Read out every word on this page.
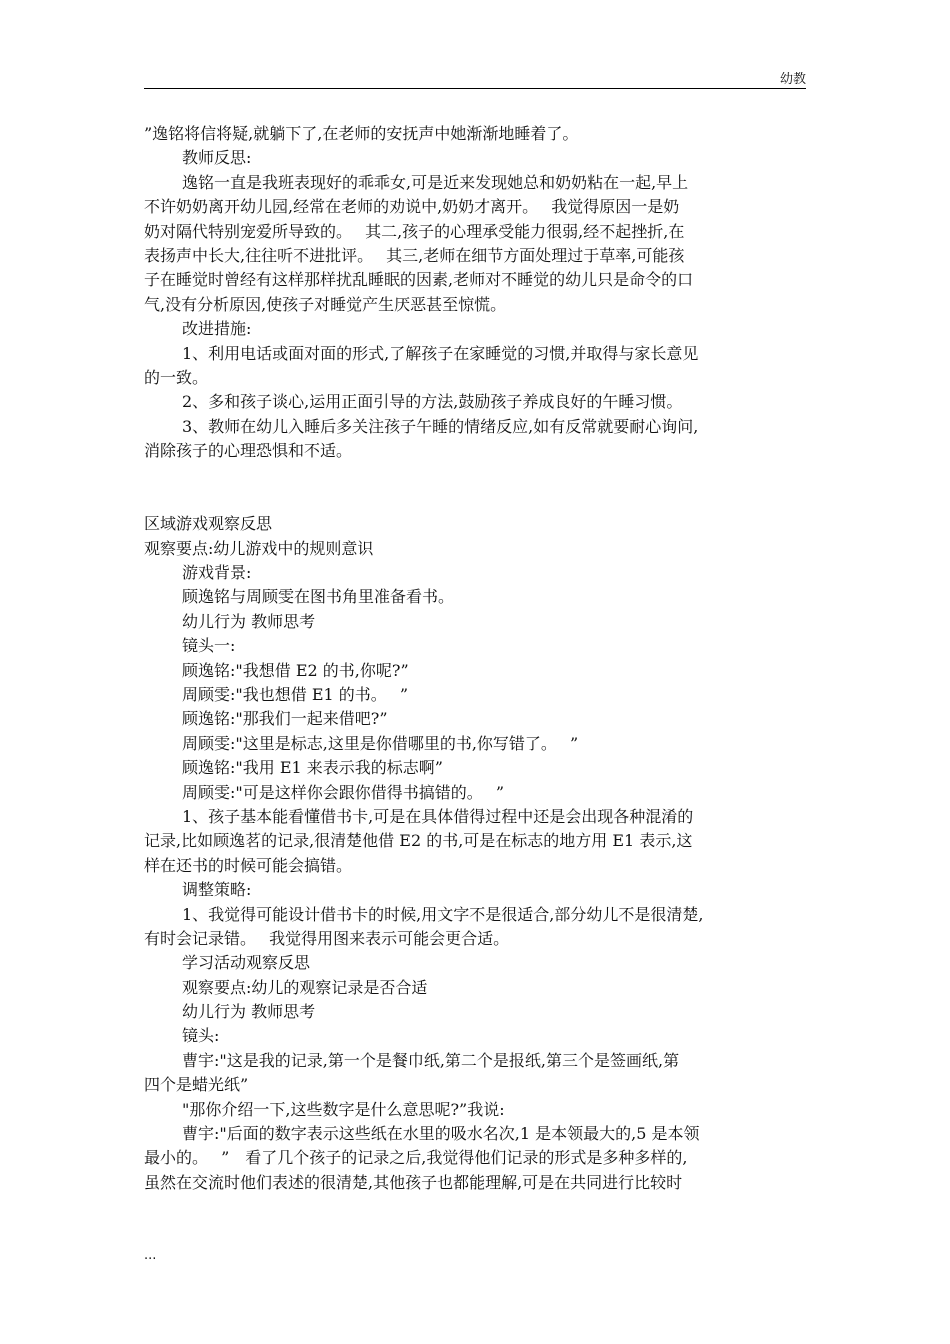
幼教
”逸铭将信将疑,就躺下了,在老师的安抚声中她渐渐地睡着了。
教师反思:
逸铭一直是我班表现好的乖乖女,可是近来发现她总和奶奶粘在一起,早上
不许奶奶离开幼儿园,经常在老师的劝说中,奶奶才离开。　 我觉得原因一是奶
奶对隔代特别宠爱所导致的。　 其二,孩子的心理承受能力很弱,经不起挫折,在
表扬声中长大,往往听不进批评。　 其三,老师在细节方面处理过于草率,可能孩
子在睡觉时曾经有这样那样扰乱睡眠的因素,老师对不睡觉的幼儿只是命令的口
气,没有分析原因,使孩子对睡觉产生厌恶甚至惊慌。
改进措施:
1、利用电话或面对面的形式,了解孩子在家睡觉的习惯,并取得与家长意见
的一致。
2、多和孩子谈心,运用正面引导的方法,鼓励孩子养成良好的午睡习惯。
3、教师在幼儿入睡后多关注孩子午睡的情绪反应,如有反常就要耐心询问,
消除孩子的心理恐惧和不适。
区域游戏观察反思
观察要点:幼儿游戏中的规则意识
游戏背景:
顾逸铭与周顾雯在图书角里准备看书。
幼儿行为 教师思考
镜头一:
顾逸铭:"我想借 E2 的书,你呢?”
周顾雯:"我也想借 E1 的书。　 ”
顾逸铭:"那我们一起来借吧?”
周顾雯:"这里是标志,这里是你借哪里的书,你写错了。　 ”
顾逸铭:"我用 E1 来表示我的标志啊”
周顾雯:"可是这样你会跟你借得书搞错的。　 ”
1、孩子基本能看懂借书卡,可是在具体借得过程中还是会出现各种混淆的
记录,比如顾逸茗的记录,很清楚他借 E2 的书,可是在标志的地方用 E1 表示,这
样在还书的时候可能会搞错。
调整策略:
1、我觉得可能设计借书卡的时候,用文字不是很适合,部分幼儿不是很清楚,
有时会记录错。　 我觉得用图来表示可能会更合适。
学习活动观察反思
观察要点:幼儿的观察记录是否合适
幼儿行为 教师思考
镜头:
曹宇:"这是我的记录,第一个是餐巾纸,第二个是报纸,第三个是签画纸,第
四个是蜡光纸”
"那你介绍一下,这些数字是什么意思呢?”我说:
曹宇:"后面的数字表示这些纸在水里的吸水名次,1 是本领最大的,5 是本领
最小的。　 ”　看了几个孩子的记录之后,我觉得他们记录的形式是多种多样的,
虽然在交流时他们表述的很清楚,其他孩子也都能理解,可是在共同进行比较时
...
